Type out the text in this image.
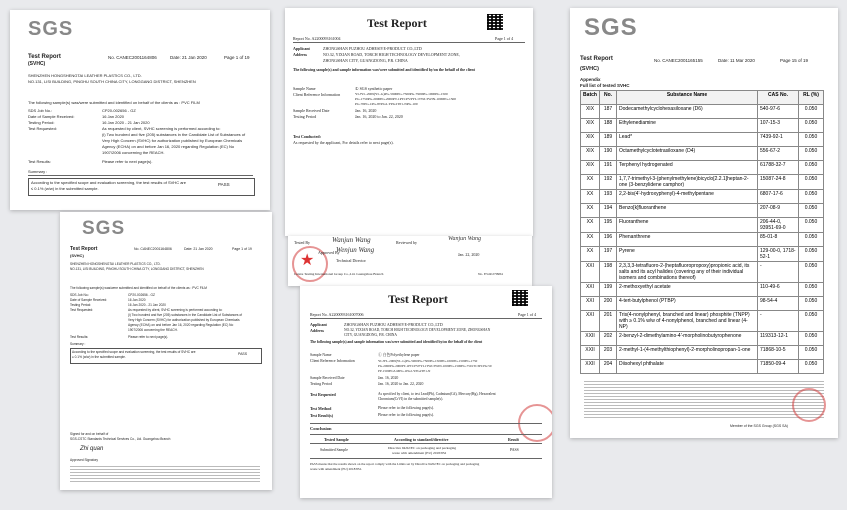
SGS
Test Report	No. CANEC2001164806	Date: 21 Jan 2020	Page 1 of 19
(SVHC)
SHENZHEN HONGSHENGTAI LEATHER PLASTICS CO., LTD.
NO.131, LISI BUILDING, PINGHU SOUTH CHINA CITY, LONGGANG DISTRICT, SHENZHEN
The following sample(s) was/were submitted and identified on behalf of the clients as : PVC FILM
SDS Job No.:	CP20-002656 - GZ
Date of Sample Received:	16 Jan 2020
Testing Period:	16 Jan 2020 - 21 Jan 2020
Test Requested:	As requested by client, SVHC screening is performed according to:
(i) Two hundred and five (205) substances in the Candidate List of Substances of
Very High Concern (SVHC) for authorization published by European Chemicals
Agency (ECHA) on and before Jan 16, 2020 regarding Regulation (EC) No
1907/2006 concerning the REACH.
Test Results:	Please refer to next page(s).
Summary :
According to the specified scope and evaluation screening, the test results of SVHC are
≤ 0.1% (w/w) in the submitted sample.
PASS
Test Report
Report No. A2200093161004	Page 1 of 4
Applicant	ZHONGSHAN FUZHOU ADHESIVE-PRODUCT CO.,LTD
Address	NO.32, YIXIAN ROAD, TORCH HIGH TECHNOLOGY DEVELOPMENT ZONE,
ZHONGSHAN CITY, GUANGDONG, P.R. CHINA
The following sample(s) and sample information was/were submitted and identified by/on the behalf of the client
Sample Name	① SGS synthetic paper
Client Reference Information	YLJYL-2009(YL-G)PG-5900PG-7500PG-7900PG-1000PG-1500
PG-1750PG-2000PG-2000PT-1PTCPVPYL1TWLTWIN-1000PG-1500
PG-70PG-1PG-8TPG2-YPG2TP1-NPG-100
Sample Received Date	Jan. 16, 2020
Testing Period	Jan. 16, 2020 to Jan. 22, 2020
Test Conducted:
As requested by the applicant, For details refer to next page(s).
Tested By	Wanjun Wang	Reviewed by
Wanjun Wang
★ Approved By
Wenjun Wang
Technical Director
Jan. 22, 2020
Centre Testing International Group Co.,Ltd. Guangzhou Branch	No. E54U270984
SGS
Test Report	No. CANEC2001164806	Date: 21 Jan 2020	Page 1 of 19
(SVHC)
SHENZHEN HONGSHENGTAI LEATHER PLASTICS CO., LTD.
NO.131, LISI BUILDING, PINGHU SOUTH CHINA CITY, LONGGANG DISTRICT, SHENZHEN
The following sample(s) was/were submitted and identified on behalf of the clients as : PVC FILM
SDS Job No.:	CP20-002656 - GZ
Date of Sample Received:	16 Jan 2020
Testing Period:	16 Jan 2020 - 21 Jan 2020
Test Requested:	As requested by client, SVHC screening is performed according to:
(i) Two hundred and five (205) substances in the Candidate List of Substances of
Very High Concern (SVHC) for authorization published by European Chemicals
Agency (ECHA) on and before Jan 16, 2020 regarding Regulation (EC) No
1907/2006 concerning the REACH.
Test Results:	Please refer to next page(s).
Summary :
According to the specified scope and evaluation screening, the test results of SVHC are
≤ 0.1% (w/w) in the submitted sample.
PASS
Signed for and on behalf of
SGS-CSTC Standards Technical Services Co., Ltd. Guangzhou Branch
Zhi quan
Approved Signatory
Test Report
Report No. A2200093161007006	Page 1 of 4
Applicant	ZHONGSHAN FUZHOU ADHESIVE-PRODUCT CO.,LTD
Address	NO.32, YIXIAN ROAD, TORCH HIGH TECHNOLOGY DEVELOPMENT ZONE, ZHONGSHAN
CITY, GUANGDONG, P.R. CHINA
The following sample(s) and sample information was/were submitted and identified by/on the behalf of the client
Sample Name	① 白色Polyethylene paper
Client Reference Information	YLJYL-2009(YL-G)PG-5900PG-7500PG-1500PG-1000PG-1500PG-1750
PG-2000PG-2000PT-1PTCPVPYL1TWLTWIN-1000PG-1500PG-7501TC3PCPG/50
PP-1500PG3-MPG-1PG2-YPG2TP1-N
Sample Received Date	Jan. 16, 2020
Testing Period	Jan. 16, 2020 to Jan. 22, 2020
Test Requested	As specified by client, to test Lead(Pb), Cadmium(Cd), Mercury(Hg), Hexavalent
Chromium(CrVI) in the submitted sample(s).
Test Method	Please refer to the following page(s).
Test Result(s)	Please refer to the following page(s).
Conclusion
Tested Sample	According to standard/directive	Result
Submitted Sample	Directive 94/62/EC on packaging and packaging
waste with amendment (EU) 2018/852
PASS
PASS means that the results shown on the report comply with the Limits set by Directive 94/62/EC on packaging and packaging
waste with amendment (EU) 2018/852.
SGS
Test Report	No. CANEC2001165155	Date: 11 Mar 2020	Page 15 of 19
(SVHC)
Appendix
Full list of tested SVHC
Batch	No.	Substance Name	CAS No.	RL (%)
XIX	187	Dodecamethylcyclohexasiloxane (D6)	540-97-6	0.050
XIX	188	Ethylenediamine	107-15-3	0.050
XIX	189	Lead*	7439-92-1	0.050
XIX	190	Octamethylcyclotetrasiloxane (D4)	556-67-2	0.050
XIX	191	Terphenyl hydrogenated	61788-32-7	0.050
XX	192	1,7,7-trimethyl-3-(phenylmethylene)bicyclo[2.2.1]heptan-2-one (3-benzylidene camphor)	15087-24-8	0.050
XX	193	2,2-bis(4'-hydroxyphenyl)-4-methylpentane	6807-17-6	0.050
XX	194	Benzo[k]fluoranthene	207-08-9	0.050
XX	195	Fluoranthene	206-44-0, 93951-69-0	0.050
XX	196	Phenanthrene	85-01-8	0.050
XX	197	Pyrene	129-00-0, 1718-52-1	0.050
XXI	198	2,3,3,3-tetrafluoro-2-(heptafluoropropoxy)propionic acid, its salts and its acyl halides (covering any of their individual isomers and combinations thereof)	-	0.050
XXI	199	2-methoxyethyl acetate	110-49-6	0.050
XXI	200	4-tert-butylphenol (PTBP)	98-54-4	0.050
XXI	201	Tris(4-nonylphenyl, branched and linear) phosphite (TNPP) with ≥ 0.1% w/w of 4-nonylphenol, branched and linear (4-NP)	-	0.050
XXII	202	2-benzyl-2-dimethylamino-4'-morpholinobutyrophenone	119313-12-1	0.050
XXII	203	2-methyl-1-(4-methylthiophenyl)-2-morpholinopropan-1-one	71868-10-5	0.050
XXII	204	Diisohexyl phthalate	71850-09-4	0.050
Member of the SGS Group (SGS SA)
